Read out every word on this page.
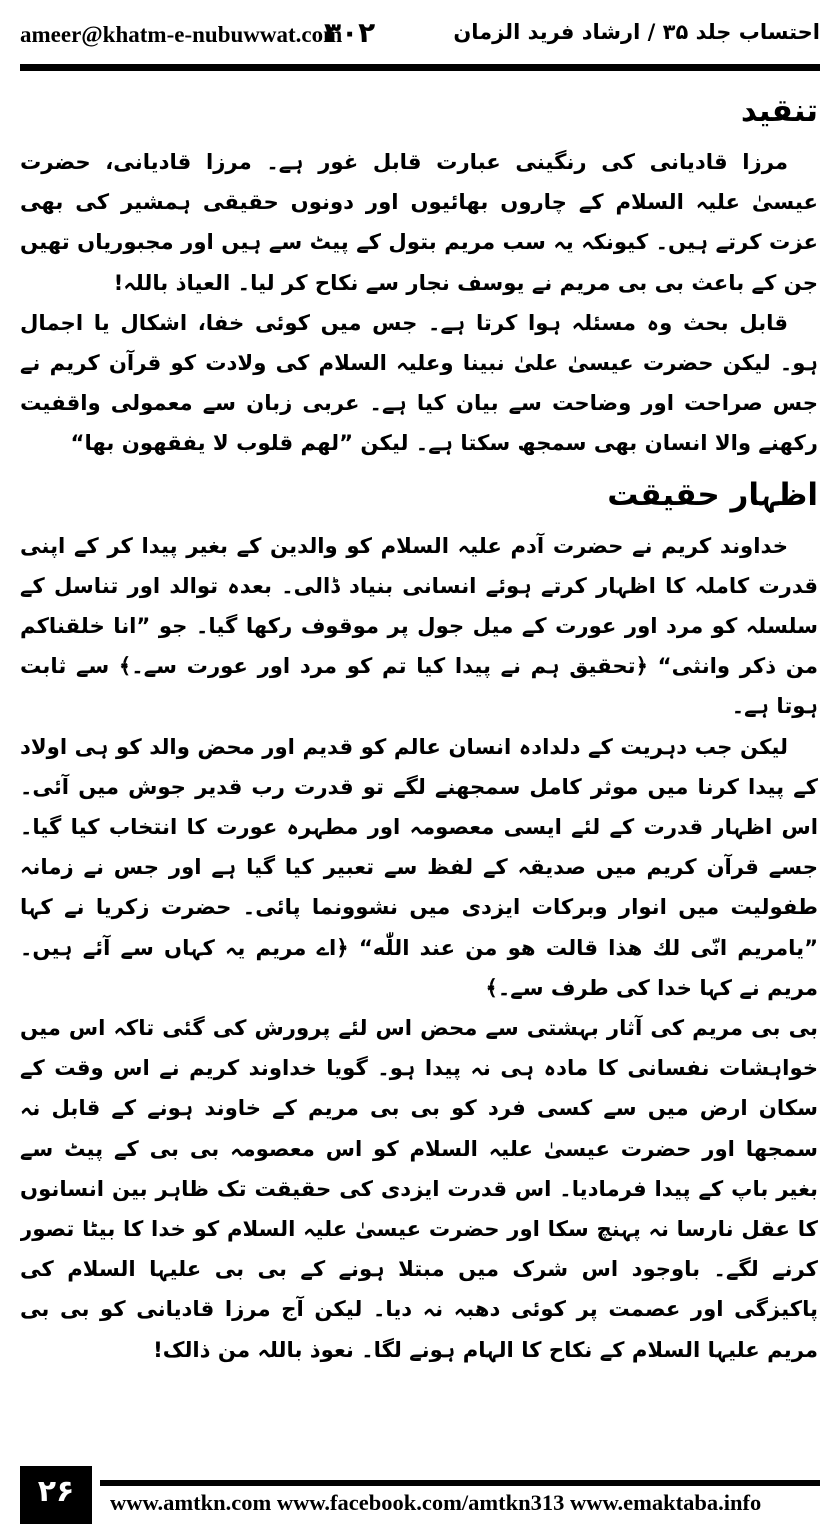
ameer@khatm-e-nubuwwat.com
۳۰۲	احتساب جلد ۳۵ / ارشاد فرید الزمان
تنقید

مرزا قادیانی کی رنگینی عبارت قابل غور ہے۔ مرزا قادیانی، حضرت عیسیٰ علیہ السلام کے چاروں بھائیوں اور دونوں حقیقی ہمشیر کی بھی عزت کرتے ہیں۔ کیونکہ یہ سب مریم بتول کے پیٹ سے ہیں اور مجبوریاں تھیں جن کے باعث بی بی مریم نے یوسف نجار سے نکاح کر لیا۔ العیاذ باللہ!

قابل بحث وہ مسئلہ ہوا کرتا ہے۔ جس میں کوئی خفا، اشکال یا اجمال ہو۔ لیکن حضرت عیسیٰ علیٰ نبینا وعلیہ السلام کی ولادت کو قرآن کریم نے جس صراحت اور وضاحت سے بیان کیا ہے۔ عربی زبان سے معمولی واقفیت رکھنے والا انسان بھی سمجھ سکتا ہے۔ لیکن ”لهم قلوب لا يفقهون بها“

اظہار حقیقت

خداوند کریم نے حضرت آدم علیہ السلام کو والدین کے بغیر پیدا کر کے اپنی قدرت کاملہ کا اظہار کرتے ہوئے انسانی بنیاد ڈالی۔ بعدہ توالد اور تناسل کے سلسلہ کو مرد اور عورت کے میل جول پر موقوف رکھا گیا۔ جو ”انا خلقناکم من ذکر وانثی“ ﴿تحقیق ہم نے پیدا کیا تم کو مرد اور عورت سے۔﴾ سے ثابت ہوتا ہے۔

لیکن جب دہریت کے دلدادہ انسان عالم کو قدیم اور محض والد کو ہی اولاد کے پیدا کرنا میں موثر کامل سمجھنے لگے تو قدرت رب قدیر جوش میں آئی۔ اس اظہار قدرت کے لئے ایسی معصومہ اور مطہرہ عورت کا انتخاب کیا گیا۔ جسے قرآن کریم میں صدیقہ کے لفظ سے تعبیر کیا گیا ہے اور جس نے زمانہ طفولیت میں انوار وبرکات ایزدی میں نشوونما پائی۔ حضرت زکریا نے کہا ”یامریم انّی لك هذا قالت هو من عند اللّٰه“ ﴿اے مریم یہ کہاں سے آئے ہیں۔ مریم نے کہا خدا کی طرف سے۔﴾

بی بی مریم کی آثار بہشتی سے محض اس لئے پرورش کی گئی تاکہ اس میں خواہشات نفسانی کا مادہ ہی نہ پیدا ہو۔ گویا خداوند کریم نے اس وقت کے سکان ارض میں سے کسی فرد کو بی بی مریم کے خاوند ہونے کے قابل نہ سمجھا اور حضرت عیسیٰ علیہ السلام کو اس معصومہ بی بی کے پیٹ سے بغیر باپ کے پیدا فرمادیا۔ اس قدرت ایزدی کی حقیقت تک ظاہر بین انسانوں کا عقل نارسا نہ پہنچ سکا اور حضرت عیسیٰ علیہ السلام کو خدا کا بیٹا تصور کرنے لگے۔ باوجود اس شرک میں مبتلا ہونے کے بی بی علیہا السلام کی پاکیزگی اور عصمت پر کوئی دھبہ نہ دیا۔ لیکن آج مرزا قادیانی کو بی بی مریم علیہا السلام کے نکاح کا الہام ہونے لگا۔ نعوذ باللہ من ذالک!

۲۶	www.amtkn.com www.facebook.com/amtkn313 www.emaktaba.info
